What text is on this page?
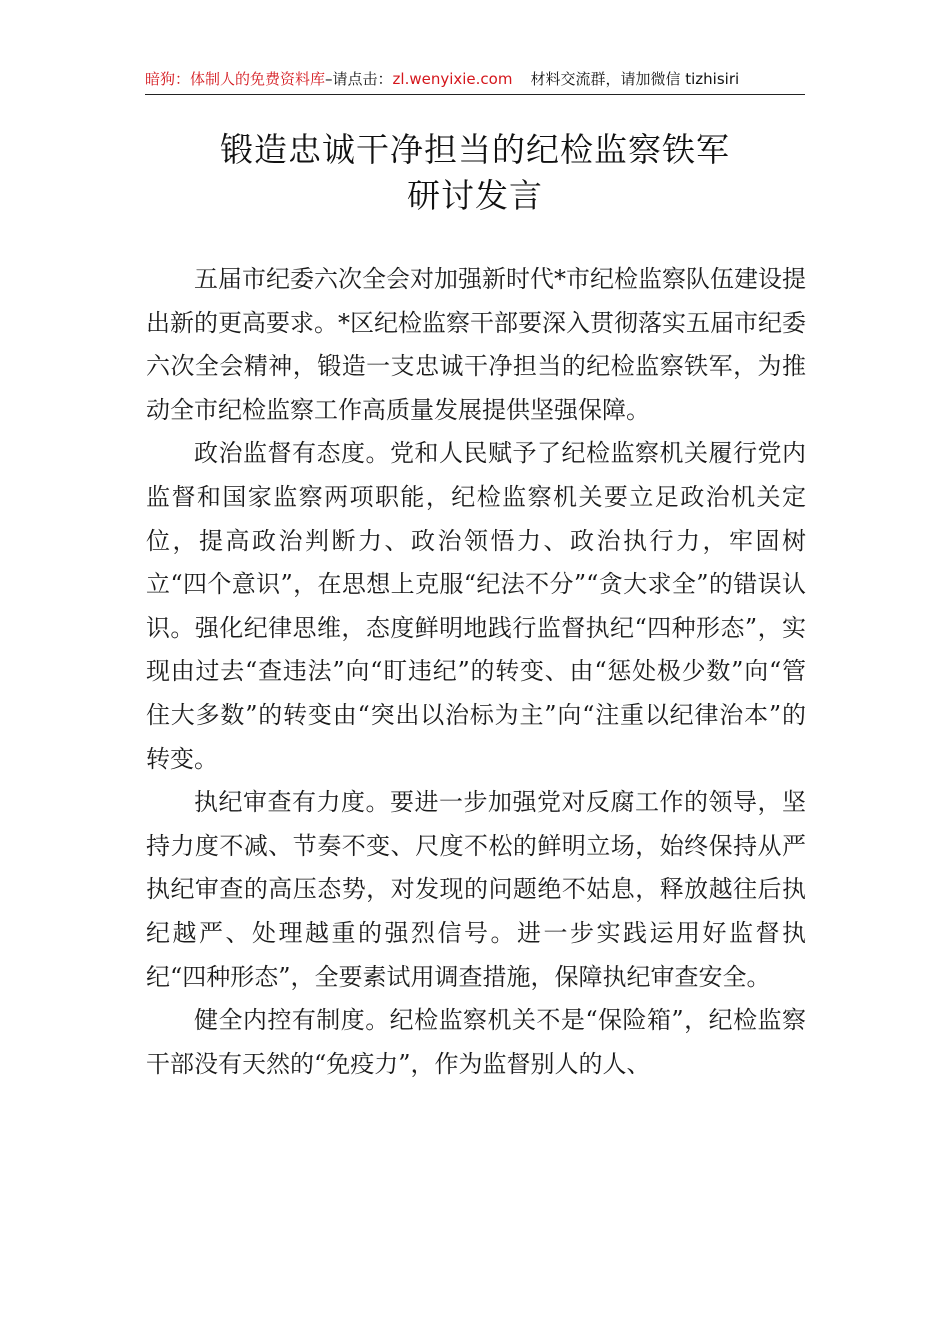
暗狗：体制人的免费资料库–请点击：zl.wenyixie.com 材料交流群，请加微信 tizhisiri
锻造忠诚干净担当的纪检监察铁军
研讨发言

五届市纪委六次全会对加强新时代*市纪检监察队伍建设提出新的更高要求。*区纪检监察干部要深入贯彻落实五届市纪委六次全会精神，锻造一支忠诚干净担当的纪检监察铁军，为推动全市纪检监察工作高质量发展提供坚强保障。

政治监督有态度。党和人民赋予了纪检监察机关履行党内监督和国家监察两项职能，纪检监察机关要立足政治机关定位，提高政治判断力、政治领悟力、政治执行力，牢固树立“四个意识”，在思想上克服“纪法不分”“贪大求全”的错误认识。强化纪律思维，态度鲜明地践行监督执纪“四种形态”，实现由过去“查违法”向“盯违纪”的转变、由“惩处极少数”向“管住大多数”的转变由“突出以治标为主”向“注重以纪律治本”的转变。

执纪审查有力度。要进一步加强党对反腐工作的领导，坚持力度不减、节奏不变、尺度不松的鲜明立场，始终保持从严执纪审查的高压态势，对发现的问题绝不姑息，释放越往后执纪越严、处理越重的强烈信号。进一步实践运用好监督执纪“四种形态”，全要素试用调查措施，保障执纪审查安全。

健全内控有制度。纪检监察机关不是“保险箱”，纪检监察干部没有天然的“免疫力”，作为监督别人的人、
